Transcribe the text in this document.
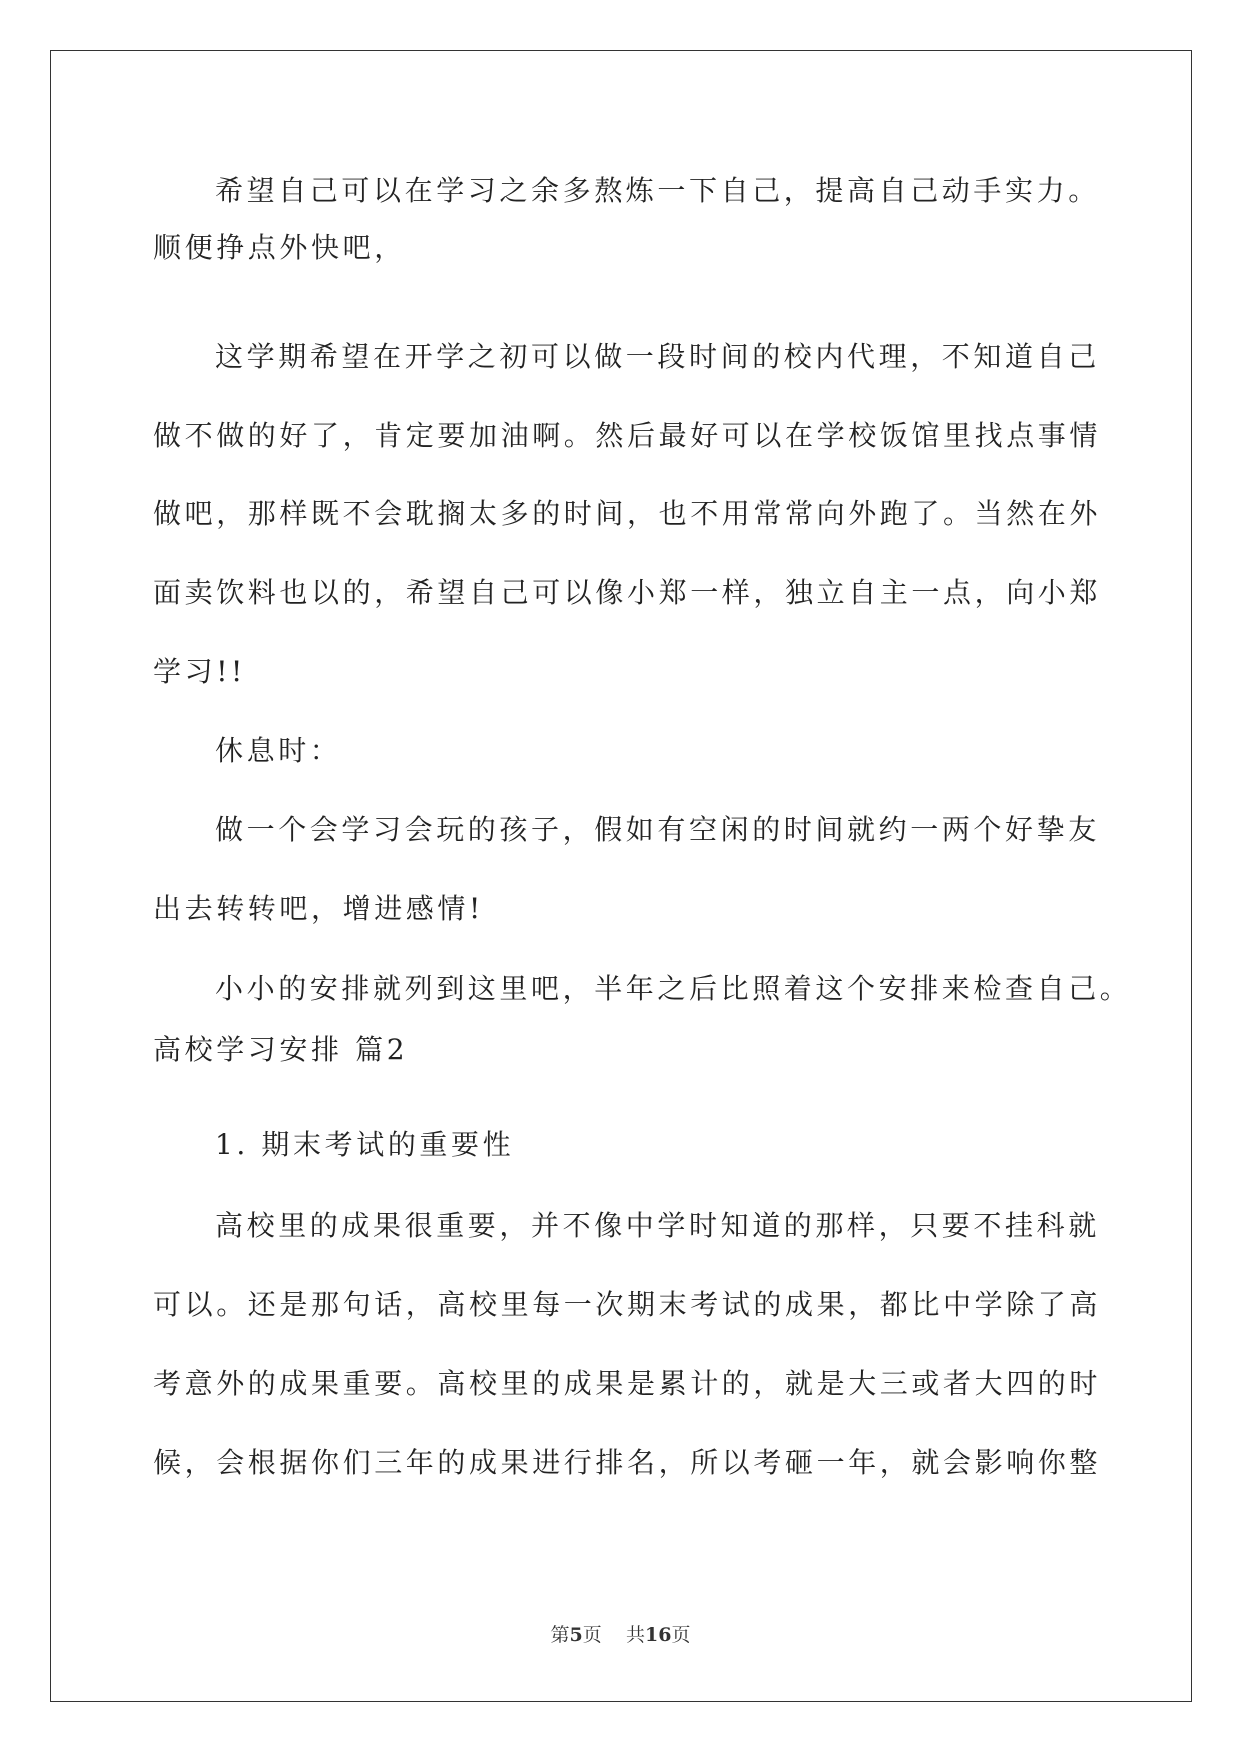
希望自己可以在学习之余多熬炼一下自己，提高自己动手实力。
顺便挣点外快吧，
这学期希望在开学之初可以做一段时间的校内代理，不知道自己
做不做的好了，肯定要加油啊。然后最好可以在学校饭馆里找点事情
做吧，那样既不会耽搁太多的时间，也不用常常向外跑了。当然在外
面卖饮料也以的，希望自己可以像小郑一样，独立自主一点，向小郑
学习!!
休息时：
做一个会学习会玩的孩子，假如有空闲的时间就约一两个好挚友
出去转转吧，增进感情!
小小的安排就列到这里吧，半年之后比照着这个安排来检查自己。
高校学习安排 篇2
1. 期末考试的重要性
高校里的成果很重要，并不像中学时知道的那样，只要不挂科就
可以。还是那句话，高校里每一次期末考试的成果，都比中学除了高
考意外的成果重要。高校里的成果是累计的，就是大三或者大四的时
候，会根据你们三年的成果进行排名，所以考砸一年，就会影响你整
第5页 共16页
